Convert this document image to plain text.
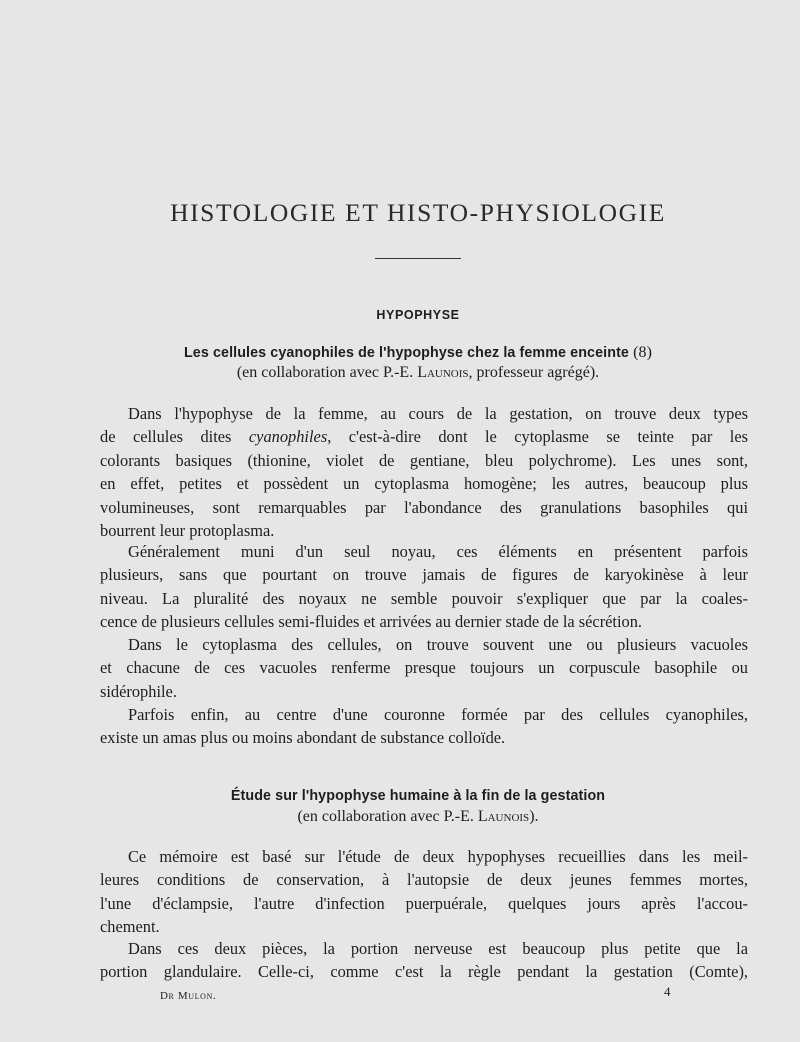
HISTOLOGIE ET HISTO-PHYSIOLOGIE
HYPOPHYSE
Les cellules cyanophiles de l'hypophyse chez la femme enceinte (8)
(en collaboration avec P.-E. Launois, professeur agrégé).
Dans l'hypophyse de la femme, au cours de la gestation, on trouve deux types
de cellules dites cyanophiles, c'est-à-dire dont le cytoplasme se teinte par les
colorants basiques (thionine, violet de gentiane, bleu polychrome). Les unes sont,
en effet, petites et possèdent un cytoplasma homogène; les autres, beaucoup plus
volumineuses, sont remarquables par l'abondance des granulations basophiles qui
bourrent leur protoplasma.
Généralement muni d'un seul noyau, ces éléments en présentent parfois
plusieurs, sans que pourtant on trouve jamais de figures de karyokinèse à leur
niveau. La pluralité des noyaux ne semble pouvoir s'expliquer que par la coales-
cence de plusieurs cellules semi-fluides et arrivées au dernier stade de la sécrétion.
Dans le cytoplasma des cellules, on trouve souvent une ou plusieurs vacuoles
et chacune de ces vacuoles renferme presque toujours un corpuscule basophile ou
sidérophile.
Parfois enfin, au centre d'une couronne formée par des cellules cyanophiles,
existe un amas plus ou moins abondant de substance colloïde.
Étude sur l'hypophyse humaine à la fin de la gestation
(en collaboration avec P.-E. Launois).
Ce mémoire est basé sur l'étude de deux hypophyses recueillies dans les meil-
leures conditions de conservation, à l'autopsie de deux jeunes femmes mortes,
l'une d'éclampsie, l'autre d'infection puerpuérale, quelques jours après l'accou-
chement.
Dans ces deux pièces, la portion nerveuse est beaucoup plus petite que la
portion glandulaire. Celle-ci, comme c'est la règle pendant la gestation (Comte),
Dr Mulon.	4
